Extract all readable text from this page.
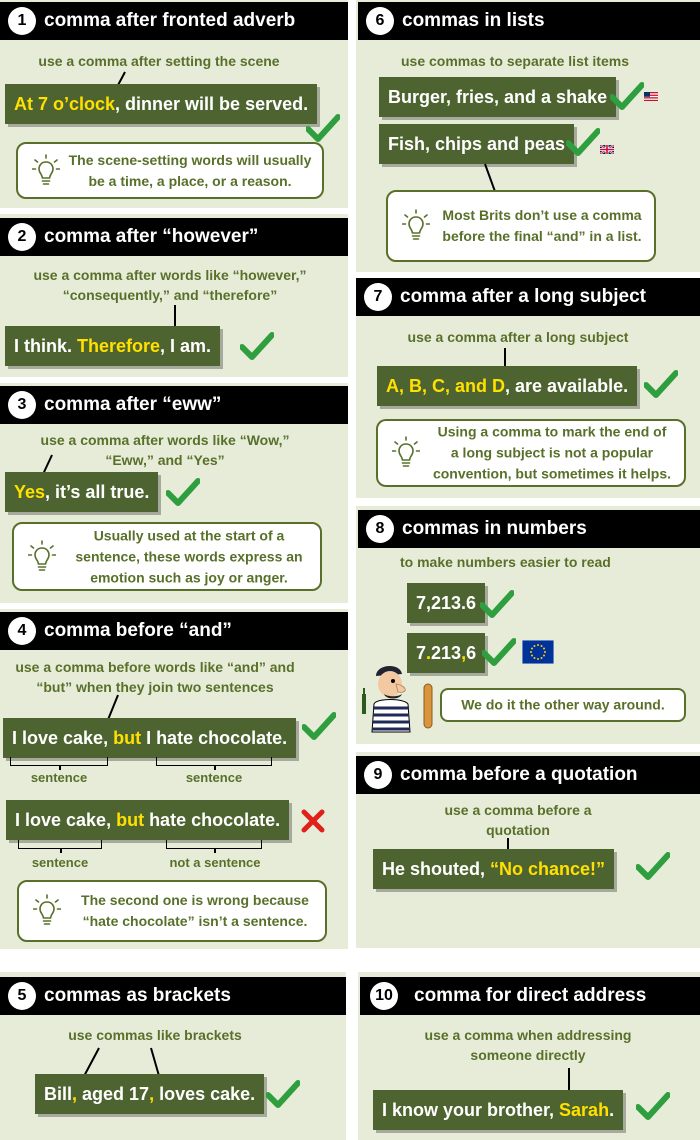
1 comma after fronted adverb
use a comma after setting the scene
At 7 o’clock, dinner will be served.
The scene-setting words will usually
be a time, a place, or a reason.
2 comma after “however”
use a comma after words like “however,”
“consequently,” and “therefore”
I think. Therefore, I am.
3 comma after “eww”
use a comma after words like “Wow,”
“Eww,” and “Yes”
Yes, it’s all true.
Usually used at the start of a
sentence, these words express an
emotion such as joy or anger.
4 comma before “and”
use a comma before words like “and” and
“but” when they join two sentences
I love cake, but I hate chocolate.
sentence	sentence
I love cake, but hate chocolate.
sentence	not a sentence
The second one is wrong because
“hate chocolate” isn’t a sentence.
5 commas as brackets
use commas like brackets
Bill, aged 17, loves cake.
6 commas in lists
use commas to separate list items
Burger, fries, and a shake
Fish, chips and peas
Most Brits don’t use a comma
before the final “and” in a list.
7 comma after a long subject
use a comma after a long subject
A, B, C, and D, are available.
Using a comma to mark the end of
a long subject is not a popular
convention, but sometimes it helps.
8 commas in numbers
to make numbers easier to read
7,213.6
7.213,6
We do it the other way around.
9 comma before a quotation
use a comma before a
quotation
He shouted, “No chance!”
10 comma for direct address
use a comma when addressing
someone directly
I know your brother, Sarah.
